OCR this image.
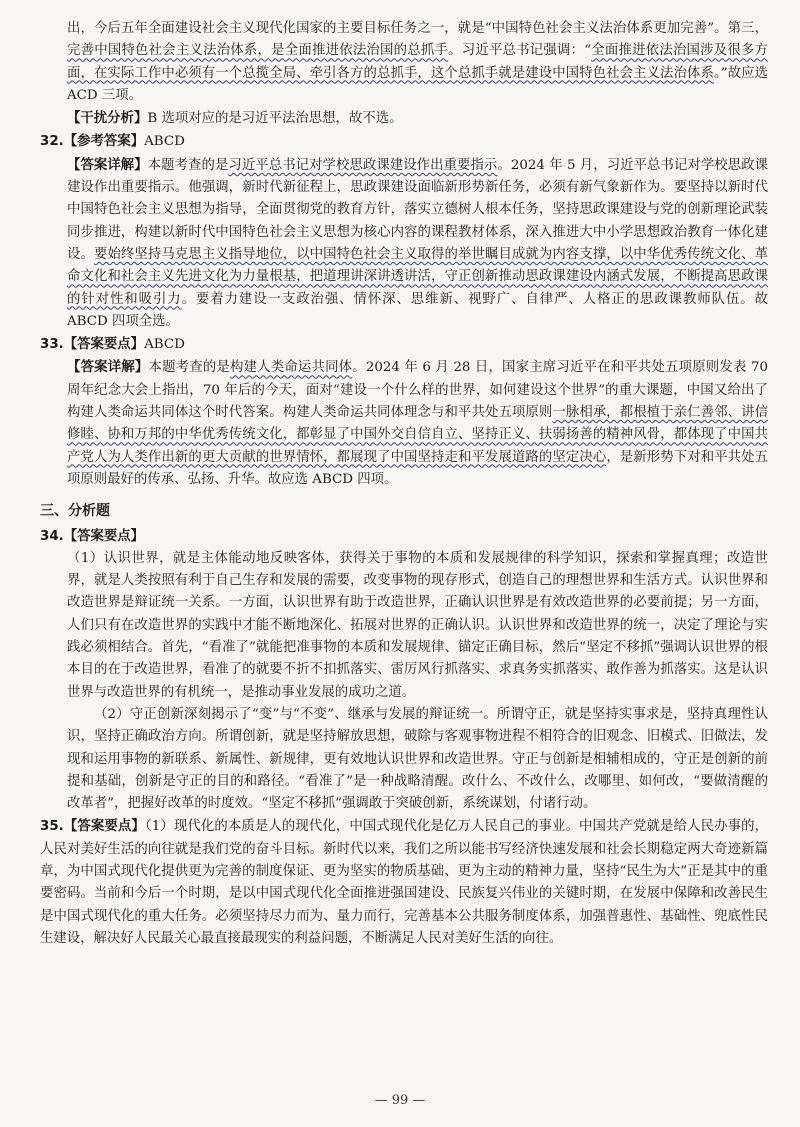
出，今后五年全面建设社会主义现代化国家的主要目标任务之一，就是“中国特色社会主义法治体系更加完善”。第三，完善中国特色社会主义法治体系，是全面推进依法治国的总抓手。习近平总书记强调：“全面推进依法治国涉及很多方面，在实际工作中必须有一个总揽全局、牵引各方的总抓手，这个总抓手就是建设中国特色社会主义法治体系。”故应选 ACD 三项。

【干扰分析】B 选项对应的是习近平法治思想，故不选。

32.【参考答案】ABCD

【答案详解】本题考查的是习近平总书记对学校思政课建设作出重要指示。2024 年 5 月，习近平总书记对学校思政课建设作出重要指示。他强调，新时代新征程上，思政课建设面临新形势新任务，必须有新气象新作为。要坚持以新时代中国特色社会主义思想为指导，全面贯彻党的教育方针，落实立德树人根本任务，坚持思政课建设与党的创新理论武装同步推进，构建以新时代中国特色社会主义思想为核心内容的课程教材体系，深入推进大中小学思想政治教育一体化建设。要始终坚持马克思主义指导地位，以中国特色社会主义取得的举世瞩目成就为内容支撑，以中华优秀传统文化、革命文化和社会主义先进文化为力量根基，把道理讲深讲透讲活，守正创新推动思政课建设内涵式发展，不断提高思政课的针对性和吸引力。要着力建设一支政治强、情怀深、思维新、视野广、自律严、人格正的思政课教师队伍。故 ABCD 四项全选。

33.【答案要点】ABCD

【答案详解】本题考查的是构建人类命运共同体。2024 年 6 月 28 日，国家主席习近平在和平共处五项原则发表 70 周年纪念大会上指出，70 年后的今天，面对“建设一个什么样的世界，如何建设这个世界”的重大课题，中国又给出了构建人类命运共同体这个时代答案。构建人类命运共同体理念与和平共处五项原则一脉相承，都根植于亲仁善邻、讲信修睦、协和万邦的中华优秀传统文化，都彰显了中国外交自信自立、坚持正义、扶弱扬善的精神风骨，都体现了中国共产党人为人类作出新的更大贡献的世界情怀，都展现了中国坚持走和平发展道路的坚定决心，是新形势下对和平共处五项原则最好的传承、弘扬、升华。故应选 ABCD 四项。

三、分析题

34.【答案要点】

（1）认识世界，就是主体能动地反映客体，获得关于事物的本质和发展规律的科学知识，探索和掌握真理；改造世界，就是人类按照有利于自己生存和发展的需要，改变事物的现存形式，创造自己的理想世界和生活方式。认识世界和改造世界是辩证统一关系。一方面，认识世界有助于改造世界，正确认识世界是有效改造世界的必要前提；另一方面，人们只有在改造世界的实践中才能不断地深化、拓展对世界的正确认识。认识世界和改造世界的统一，决定了理论与实践必须相结合。首先，“看准了”就能把准事物的本质和发展规律、锚定正确目标，然后“坚定不移抓”强调认识世界的根本目的在于改造世界，看准了的就要不折不扣抓落实、雷厉风行抓落实、求真务实抓落实、敢作善为抓落实。这是认识世界与改造世界的有机统一，是推动事业发展的成功之道。

（2）守正创新深刻揭示了“变”与“不变”、继承与发展的辩证统一。所谓守正，就是坚持实事求是，坚持真理性认识，坚持正确政治方向。所谓创新，就是坚持解放思想，破除与客观事物进程不相符合的旧观念、旧模式、旧做法，发现和运用事物的新联系、新属性、新规律，更有效地认识世界和改造世界。守正与创新是相辅相成的，守正是创新的前提和基础，创新是守正的目的和路径。“看准了”是一种战略清醒。改什么、不改什么，改哪里、如何改，“要做清醒的改革者”，把握好改革的时度效。“坚定不移抓”强调敢于突破创新，系统谋划，付诸行动。

35.【答案要点】（1）现代化的本质是人的现代化，中国式现代化是亿万人民自己的事业。中国共产党就是给人民办事的，人民对美好生活的向往就是我们党的奋斗目标。新时代以来，我们之所以能书写经济快速发展和社会长期稳定两大奇迹新篇章，为中国式现代化提供更为完善的制度保证、更为坚实的物质基础、更为主动的精神力量，坚持“民生为大”正是其中的重要密码。当前和今后一个时期，是以中国式现代化全面推进强国建设、民族复兴伟业的关键时期，在发展中保障和改善民生是中国式现代化的重大任务。必须坚持尽力而为、量力而行，完善基本公共服务制度体系，加强普惠性、基础性、兜底性民生建设，解决好人民最关心最直接最现实的利益问题，不断满足人民对美好生活的向往。

— 99 —
